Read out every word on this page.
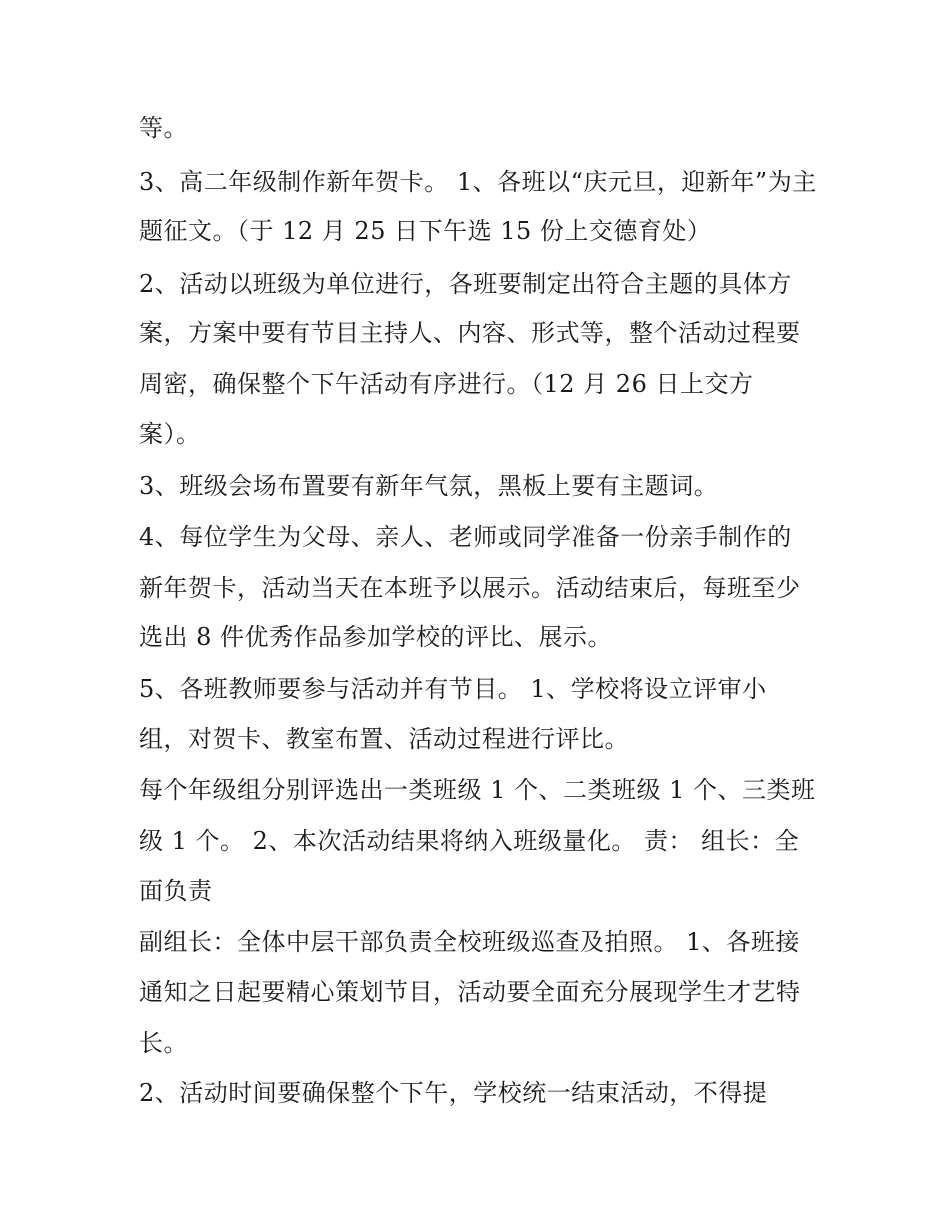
等。
3、高二年级制作新年贺卡。 1、各班以“庆元旦，迎新年”为主
题征文。（于 12 月 25 日下午选 15 份上交德育处）
2、活动以班级为单位进行，各班要制定出符合主题的具体方
案，方案中要有节目主持人、内容、形式等，整个活动过程要
周密，确保整个下午活动有序进行。（12 月 26 日上交方
案）。
3、班级会场布置要有新年气氛，黑板上要有主题词。
4、每位学生为父母、亲人、老师或同学准备一份亲手制作的
新年贺卡，活动当天在本班予以展示。活动结束后，每班至少
选出 8 件优秀作品参加学校的评比、展示。
5、各班教师要参与活动并有节目。 1、学校将设立评审小
组，对贺卡、教室布置、活动过程进行评比。
每个年级组分别评选出一类班级 1 个、二类班级 1 个、三类班
级 1 个。 2、本次活动结果将纳入班级量化。 责： 组长：全
面负责
副组长：全体中层干部负责全校班级巡查及拍照。 1、各班接
通知之日起要精心策划节目，活动要全面充分展现学生才艺特
长。
2、活动时间要确保整个下午，学校统一结束活动，不得提
